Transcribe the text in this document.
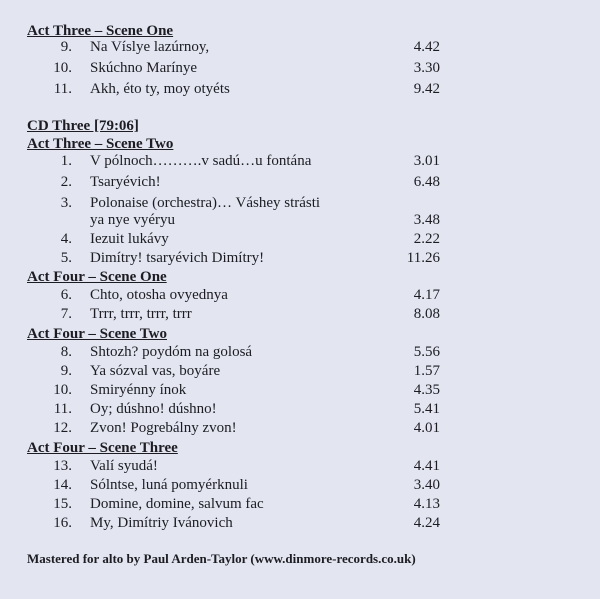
Act Three – Scene One
9. Na Víslye lazúrnoy,	4.42
10. Skúchno Marínye	3.30
11. Akh, éto ty, moy otyéts	9.42
CD Three [79:06]
Act Three – Scene Two
1. V pólnoch……….v sadú…u fontána	3.01
2. Tsaryévich!	6.48
3. Polonaise (orchestra)… Váshey strásti
ya nye vyéryu	3.48
4. Iezuit lukávy	2.22
5. Dimítry! tsaryévich Dimítry!	11.26
Act Four – Scene One
6. Chto, otosha ovyednya	4.17
7. Trrr, trrr, trrr, trrr	8.08
Act Four – Scene Two
8. Shtozh? poydóm na golosá	5.56
9. Ya sózval vas, boyáre	1.57
10. Smiryénny ínok	4.35
11. Oy; dúshno! dúshno!	5.41
12. Zvon! Pogrebálny zvon!	4.01
Act Four – Scene Three
13. Valí syudá!	4.41
14. Sólntse, luná pomyérknuli	3.40
15. Domine, domine, salvum fac	4.13
16. My, Dimítriy Ivánovich	4.24
Mastered for alto by Paul Arden-Taylor (www.dinmore-records.co.uk)
